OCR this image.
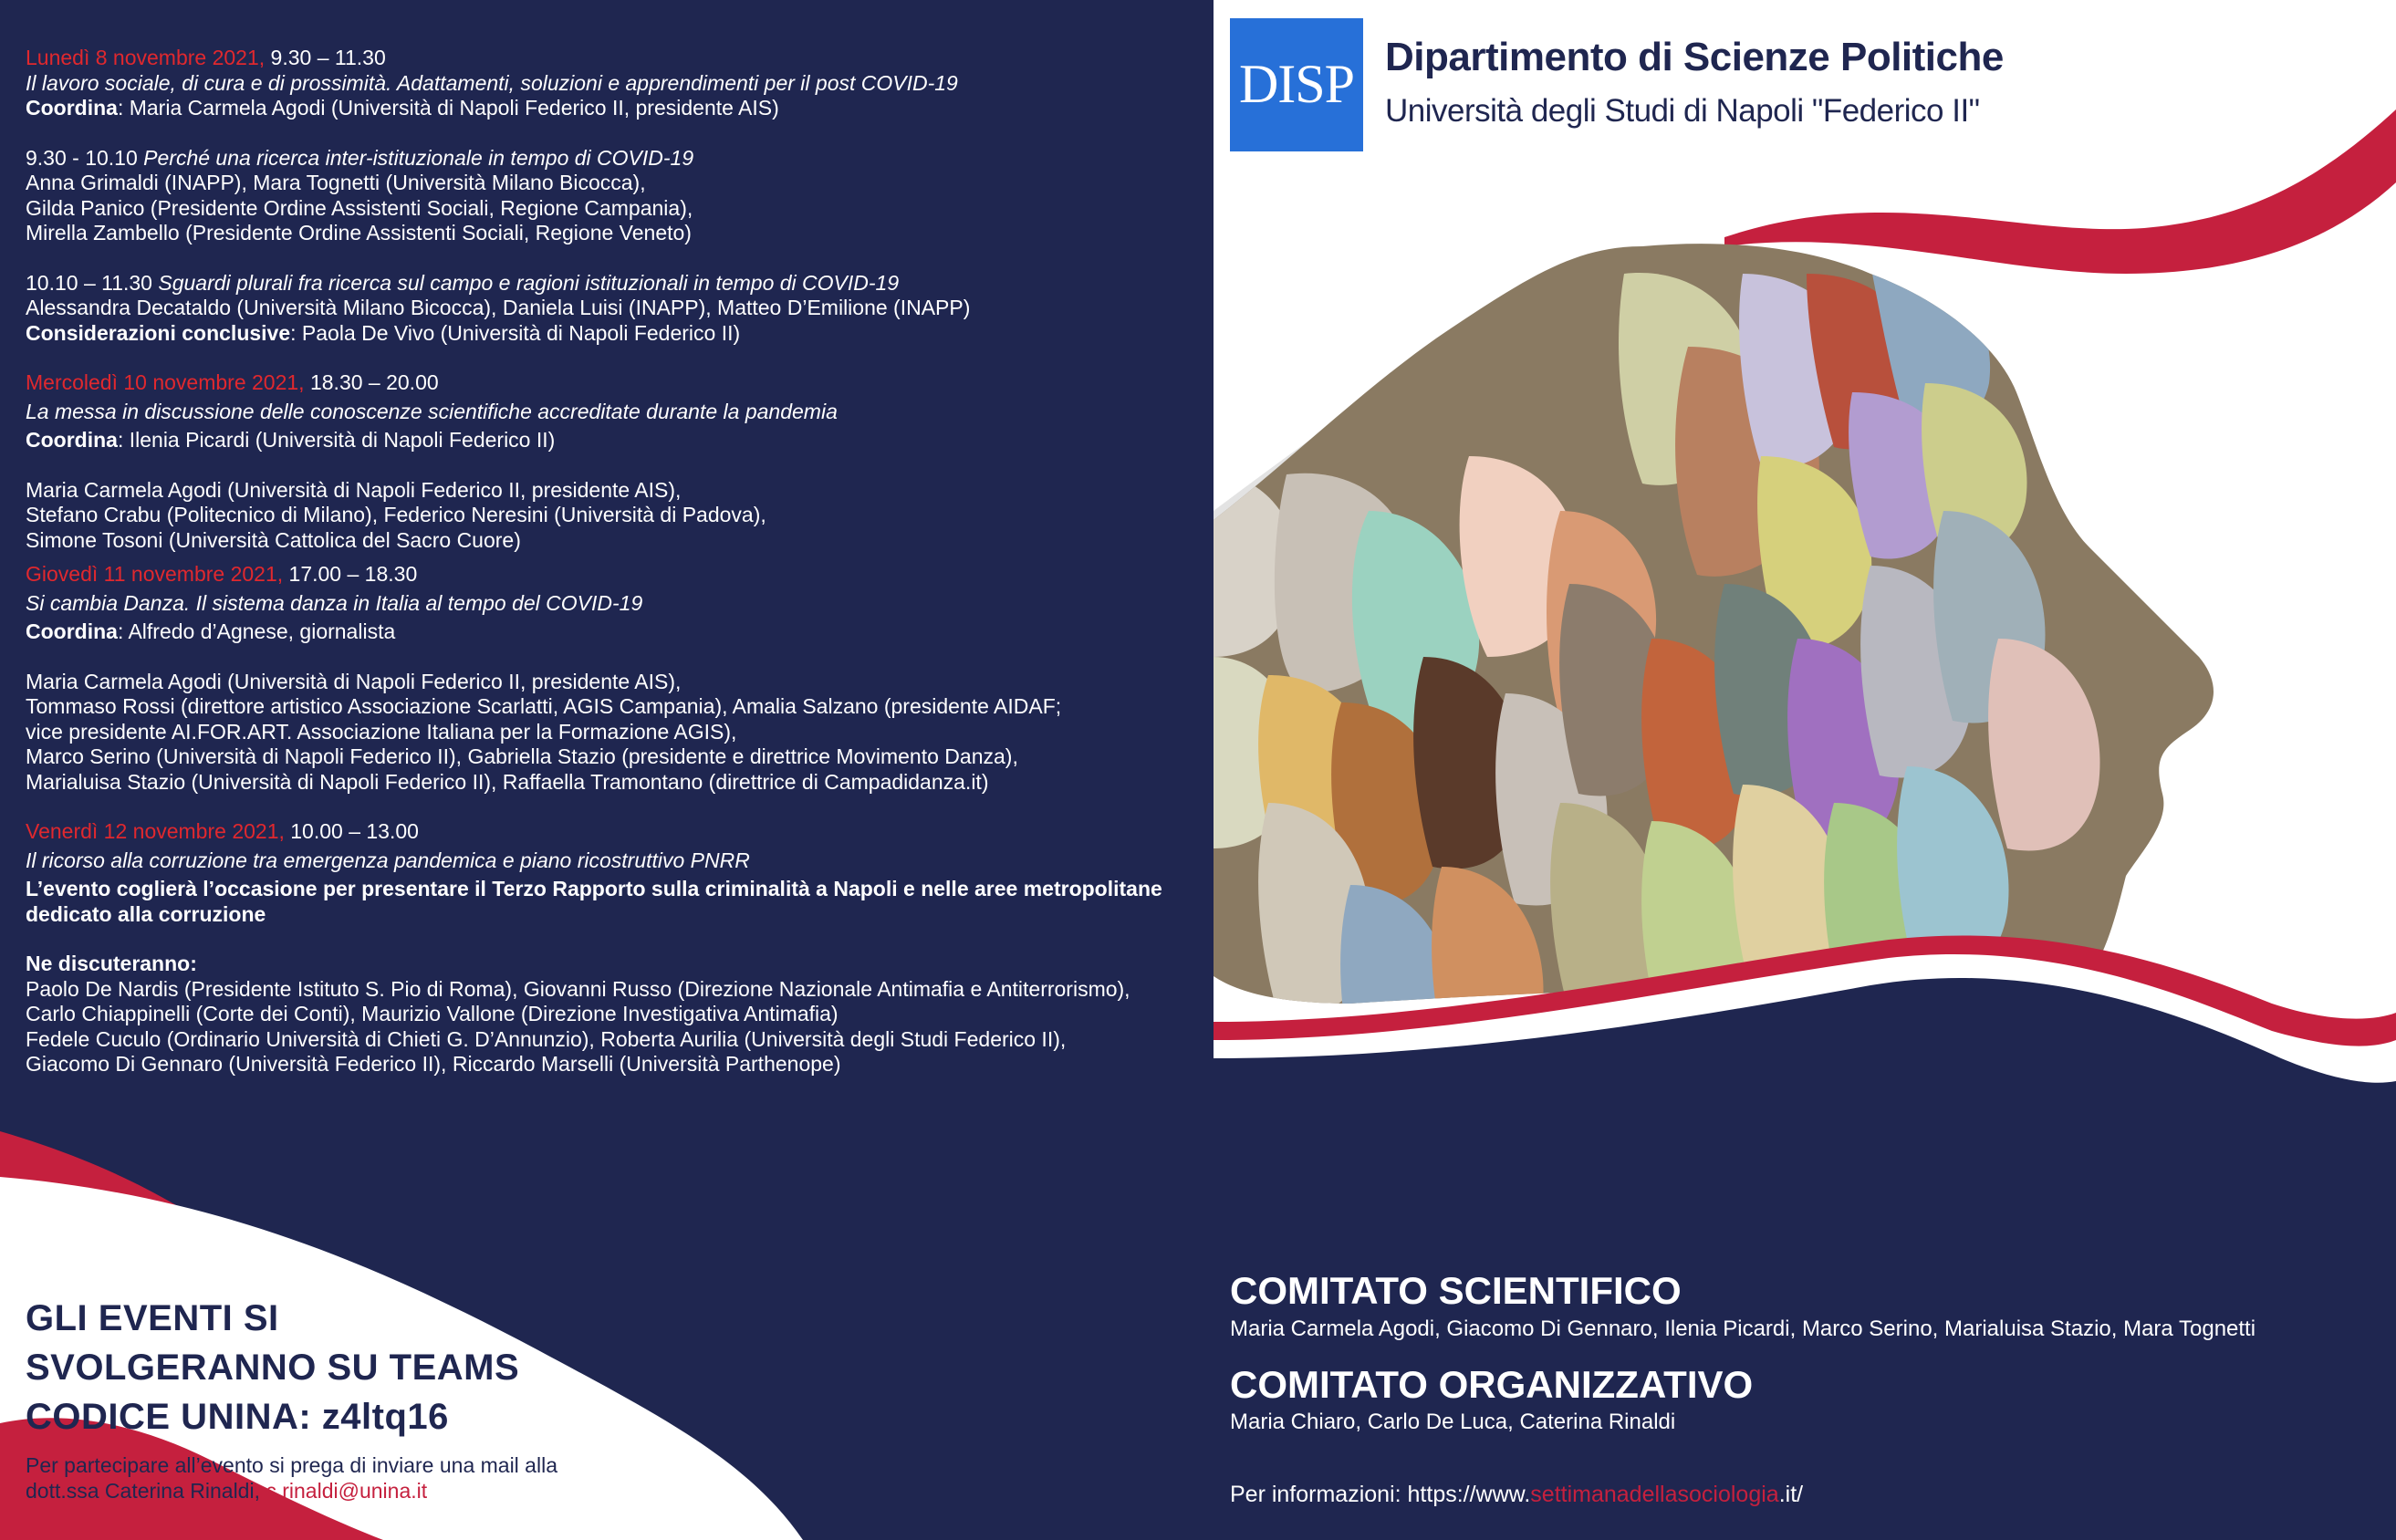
Lunedì 8 novembre 2021, 9.30 – 11.30

Il lavoro sociale, di cura e di prossimità. Adattamenti, soluzioni e apprendimenti per il post COVID-19

Coordina: Maria Carmela Agodi (Università di Napoli Federico II, presidente AIS)

9.30 - 10.10 Perché una ricerca inter-istituzionale in tempo di COVID-19

Anna Grimaldi (INAPP), Mara Tognetti (Università Milano Bicocca),

Gilda Panico (Presidente Ordine Assistenti Sociali, Regione Campania),

Mirella Zambello (Presidente Ordine Assistenti Sociali, Regione Veneto)

10.10 – 11.30 Sguardi plurali fra ricerca sul campo e ragioni istituzionali in tempo di COVID-19

Alessandra Decataldo (Università Milano Bicocca), Daniela Luisi (INAPP), Matteo D’Emilione (INAPP)

Considerazioni conclusive: Paola De Vivo (Università di Napoli Federico II)

Mercoledì 10 novembre 2021, 18.30 – 20.00

La messa in discussione delle conoscenze scientifiche accreditate durante la pandemia

Coordina: Ilenia Picardi (Università di Napoli Federico II)

Maria Carmela Agodi (Università di Napoli Federico II, presidente AIS),

Stefano Crabu (Politecnico di Milano), Federico Neresini (Università di Padova),

Simone Tosoni (Università Cattolica del Sacro Cuore)

Giovedì 11 novembre 2021, 17.00 – 18.30

Si cambia Danza. Il sistema danza in Italia al tempo del COVID-19

Coordina: Alfredo d’Agnese, giornalista

Maria Carmela Agodi (Università di Napoli Federico II, presidente AIS),

Tommaso Rossi (direttore artistico Associazione Scarlatti, AGIS Campania), Amalia Salzano (presidente AIDAF;

vice presidente AI.FOR.ART. Associazione Italiana per la Formazione AGIS),

Marco Serino (Università di Napoli Federico II), Gabriella Stazio (presidente e direttrice Movimento Danza),

Marialuisa Stazio (Università di Napoli Federico II), Raffaella Tramontano (direttrice di Campadidanza.it)

Venerdì 12 novembre 2021, 10.00 – 13.00

Il ricorso alla corruzione tra emergenza pandemica e piano ricostruttivo PNRR

L’evento coglierà l’occasione per presentare il Terzo Rapporto sulla criminalità a Napoli e nelle aree metropolitane

dedicato alla corruzione

Ne discuteranno:

Paolo De Nardis (Presidente Istituto S. Pio di Roma), Giovanni Russo (Direzione Nazionale Antimafia e Antiterrorismo),

Carlo Chiappinelli (Corte dei Conti), Maurizio Vallone (Direzione Investigativa Antimafia)

Fedele Cuculo (Ordinario Università di Chieti G. D’Annunzio), Roberta Aurilia (Università degli Studi Federico II),

Giacomo Di Gennaro (Università Federico II), Riccardo Marselli (Università Parthenope)

GLI EVENTI SI
SVOLGERANNO SU TEAMS
CODICE UNINA: z4ltq16
Per partecipare all’evento si prega di inviare una mail alla
dott.ssa Caterina Rinaldi, c.rinaldi@unina.it
COMITATO SCIENTIFICO
Maria Carmela Agodi, Giacomo Di Gennaro, Ilenia Picardi, Marco Serino, Marialuisa Stazio, Mara Tognetti
COMITATO ORGANIZZATIVO
Maria Chiaro, Carlo De Luca, Caterina Rinaldi
Per informazioni: https://www.settimanadellasociologia.it/
DISP Dipartimento di Scienze Politiche
Università degli Studi di Napoli "Federico II"
